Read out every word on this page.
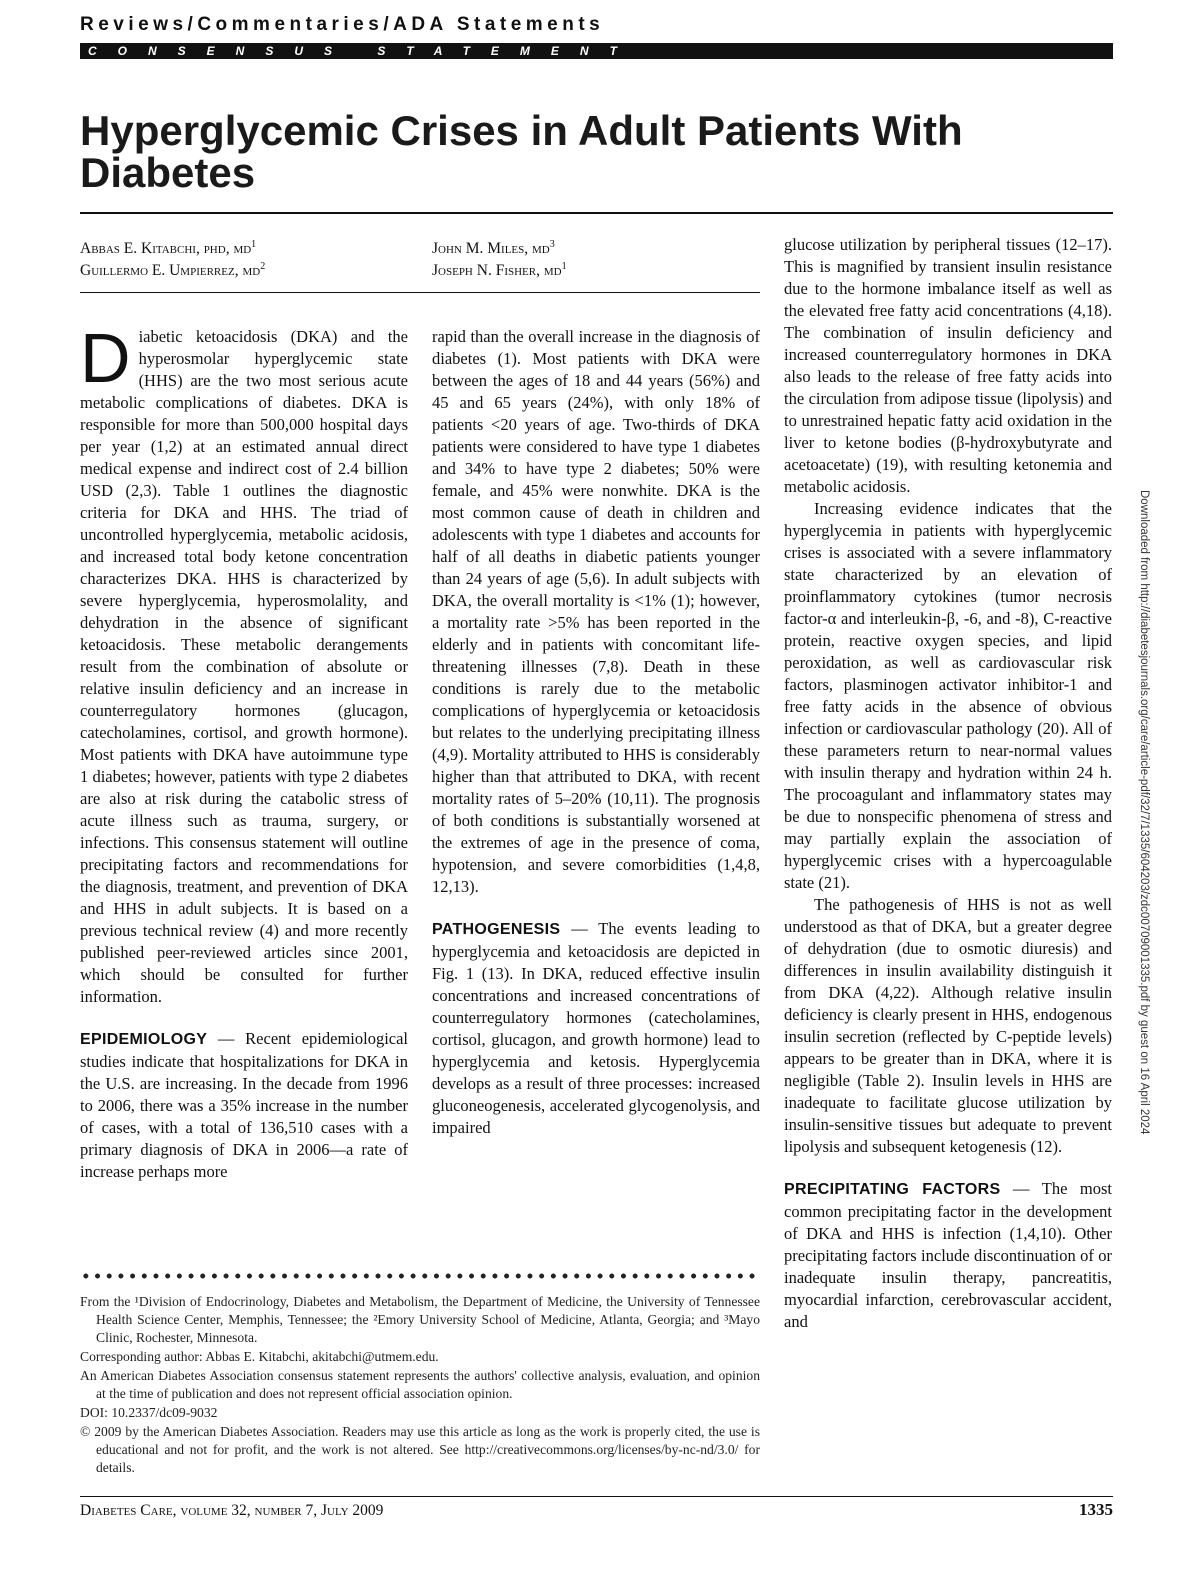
Reviews/Commentaries/ADA Statements
CONSENSUS STATEMENT
Hyperglycemic Crises in Adult Patients With Diabetes
Abbas E. Kitabchi, phd, $md^1$
Guillermo E. Umpierrez, $md^2$
John M. Miles, $md^3$
Joseph N. Fisher, $md^1$

Diabetic ketoacidosis (DKA) and the hyperosmolar hyperglycemic state (HHS) are the two most serious acute metabolic complications of diabetes. DKA is responsible for more than 500,000 hospital days per year (1,2) at an estimated annual direct medical expense and indirect cost of 2.4 billion USD (2,3). Table 1 outlines the diagnostic criteria for DKA and HHS. The triad of uncontrolled hyperglycemia, metabolic acidosis, and increased total body ketone concentration characterizes DKA. HHS is characterized by severe hyperglycemia, hyperosmolality, and dehydration in the absence of significant ketoacidosis. These metabolic derangements result from the combination of absolute or relative insulin deficiency and an increase in counterregulatory hormones (glucagon, catecholamines, cortisol, and growth hormone). Most patients with DKA have autoimmune type 1 diabetes; however, patients with type 2 diabetes are also at risk during the catabolic stress of acute illness such as trauma, surgery, or infections. This consensus statement will outline precipitating factors and recommendations for the diagnosis, treatment, and prevention of DKA and HHS in adult subjects. It is based on a previous technical review (4) and more recently published peer-reviewed articles since 2001, which should be consulted for further information.

EPIDEMIOLOGY — Recent epidemiological studies indicate that hospitalizations for DKA in the U.S. are increasing. In the decade from 1996 to 2006, there was a 35% increase in the number of cases, with a total of 136,510 cases with a primary diagnosis of DKA in 2006—a rate of increase perhaps more

rapid than the overall increase in the diagnosis of diabetes (1). Most patients with DKA were between the ages of 18 and 44 years (56%) and 45 and 65 years (24%), with only 18% of patients <20 years of age. Two-thirds of DKA patients were considered to have type 1 diabetes and 34% to have type 2 diabetes; 50% were female, and 45% were nonwhite. DKA is the most common cause of death in children and adolescents with type 1 diabetes and accounts for half of all deaths in diabetic patients younger than 24 years of age (5,6). In adult subjects with DKA, the overall mortality is <1% (1); however, a mortality rate >5% has been reported in the elderly and in patients with concomitant life-threatening illnesses (7,8). Death in these conditions is rarely due to the metabolic complications of hyperglycemia or ketoacidosis but relates to the underlying precipitating illness (4,9). Mortality attributed to HHS is considerably higher than that attributed to DKA, with recent mortality rates of 5–20% (10,11). The prognosis of both conditions is substantially worsened at the extremes of age in the presence of coma, hypotension, and severe comorbidities (1,4,8, 12,13).

PATHOGENESIS — The events leading to hyperglycemia and ketoacidosis are depicted in Fig. 1 (13). In DKA, reduced effective insulin concentrations and increased concentrations of counterregulatory hormones (catecholamines, cortisol, glucagon, and growth hormone) lead to hyperglycemia and ketosis. Hyperglycemia develops as a result of three processes: increased gluconeogenesis, accelerated glycogenolysis, and impaired

glucose utilization by peripheral tissues (12–17). This is magnified by transient insulin resistance due to the hormone imbalance itself as well as the elevated free fatty acid concentrations (4,18). The combination of insulin deficiency and increased counterregulatory hormones in DKA also leads to the release of free fatty acids into the circulation from adipose tissue (lipolysis) and to unrestrained hepatic fatty acid oxidation in the liver to ketone bodies (β-hydroxybutyrate and acetoacetate) (19), with resulting ketonemia and metabolic acidosis.

Increasing evidence indicates that the hyperglycemia in patients with hyperglycemic crises is associated with a severe inflammatory state characterized by an elevation of proinflammatory cytokines (tumor necrosis factor-α and interleukin-β, -6, and -8), C-reactive protein, reactive oxygen species, and lipid peroxidation, as well as cardiovascular risk factors, plasminogen activator inhibitor-1 and free fatty acids in the absence of obvious infection or cardiovascular pathology (20). All of these parameters return to near-normal values with insulin therapy and hydration within 24 h. The procoagulant and inflammatory states may be due to nonspecific phenomena of stress and may partially explain the association of hyperglycemic crises with a hypercoagulable state (21).

The pathogenesis of HHS is not as well understood as that of DKA, but a greater degree of dehydration (due to osmotic diuresis) and differences in insulin availability distinguish it from DKA (4,22). Although relative insulin deficiency is clearly present in HHS, endogenous insulin secretion (reflected by C-peptide levels) appears to be greater than in DKA, where it is negligible (Table 2). Insulin levels in HHS are inadequate to facilitate glucose utilization by insulin-sensitive tissues but adequate to prevent lipolysis and subsequent ketogenesis (12).

PRECIPITATING FACTORS — The most common precipitating factor in the development of DKA and HHS is infection (1,4,10). Other precipitating factors include discontinuation of or inadequate insulin therapy, pancreatitis, myocardial infarction, cerebrovascular accident, and

From the ¹Division of Endocrinology, Diabetes and Metabolism, the Department of Medicine, the University of Tennessee Health Science Center, Memphis, Tennessee; the ²Emory University School of Medicine, Atlanta, Georgia; and ³Mayo Clinic, Rochester, Minnesota.

Corresponding author: Abbas E. Kitabchi, akitabchi@utmem.edu.

An American Diabetes Association consensus statement represents the authors' collective analysis, evaluation, and opinion at the time of publication and does not represent official association opinion.

DOI: 10.2337/dc09-9032

© 2009 by the American Diabetes Association. Readers may use this article as long as the work is properly cited, the use is educational and not for profit, and the work is not altered. See http://creativecommons.org/licenses/by-nc-nd/3.0/ for details.

Diabetes Care, volume 32, number 7, July 2009	1335
Downloaded from http://diabetesjournals.org/care/article-pdf/32/7/1335/604203/zdc00709001335.pdf by guest on 16 April 2024
